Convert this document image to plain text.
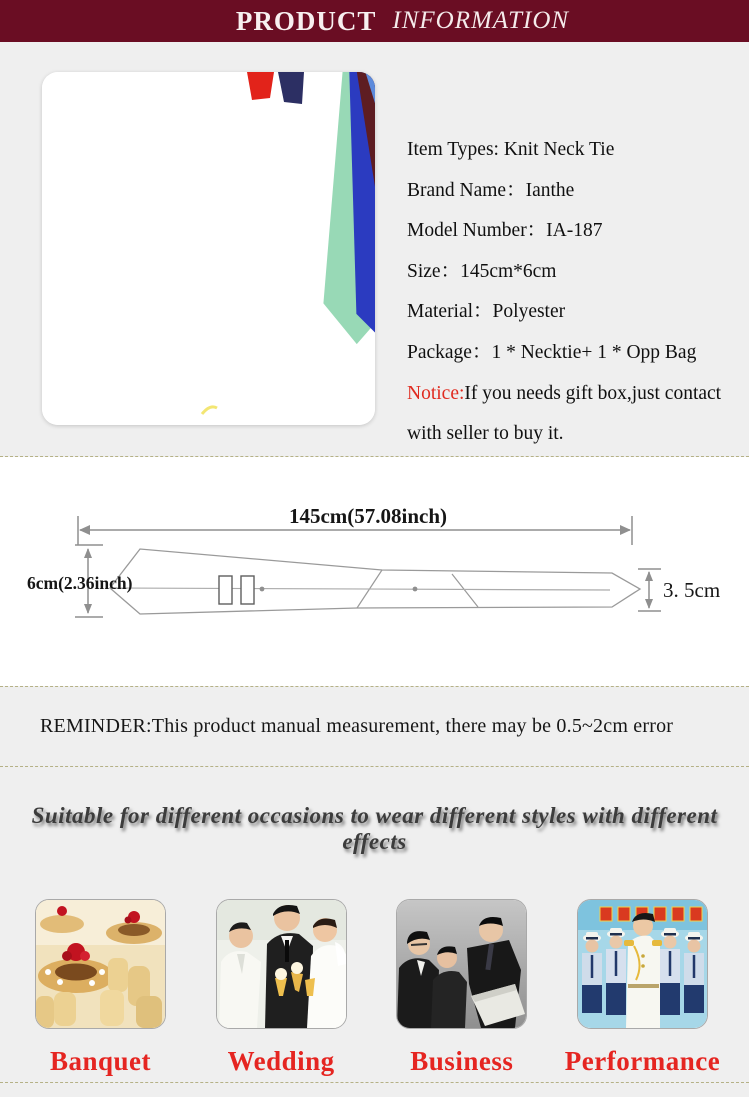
PRODUCT INFORMATION
Item Types: Knit Neck Tie
Brand Name：Ianthe
Model Number：IA-187
Size：145cm*6cm
Material：Polyester
Package：1 * Necktie+ 1 * Opp Bag
Notice:If you needs gift box,just contact with seller to buy it.
145cm(57.08inch)
6cm(2.36inch)	3. 5cm
REMINDER:This product manual measurement, there may be 0.5~2cm error
Suitable for different occasions to wear different styles with different effects
Banquet	Wedding	Business Performance
